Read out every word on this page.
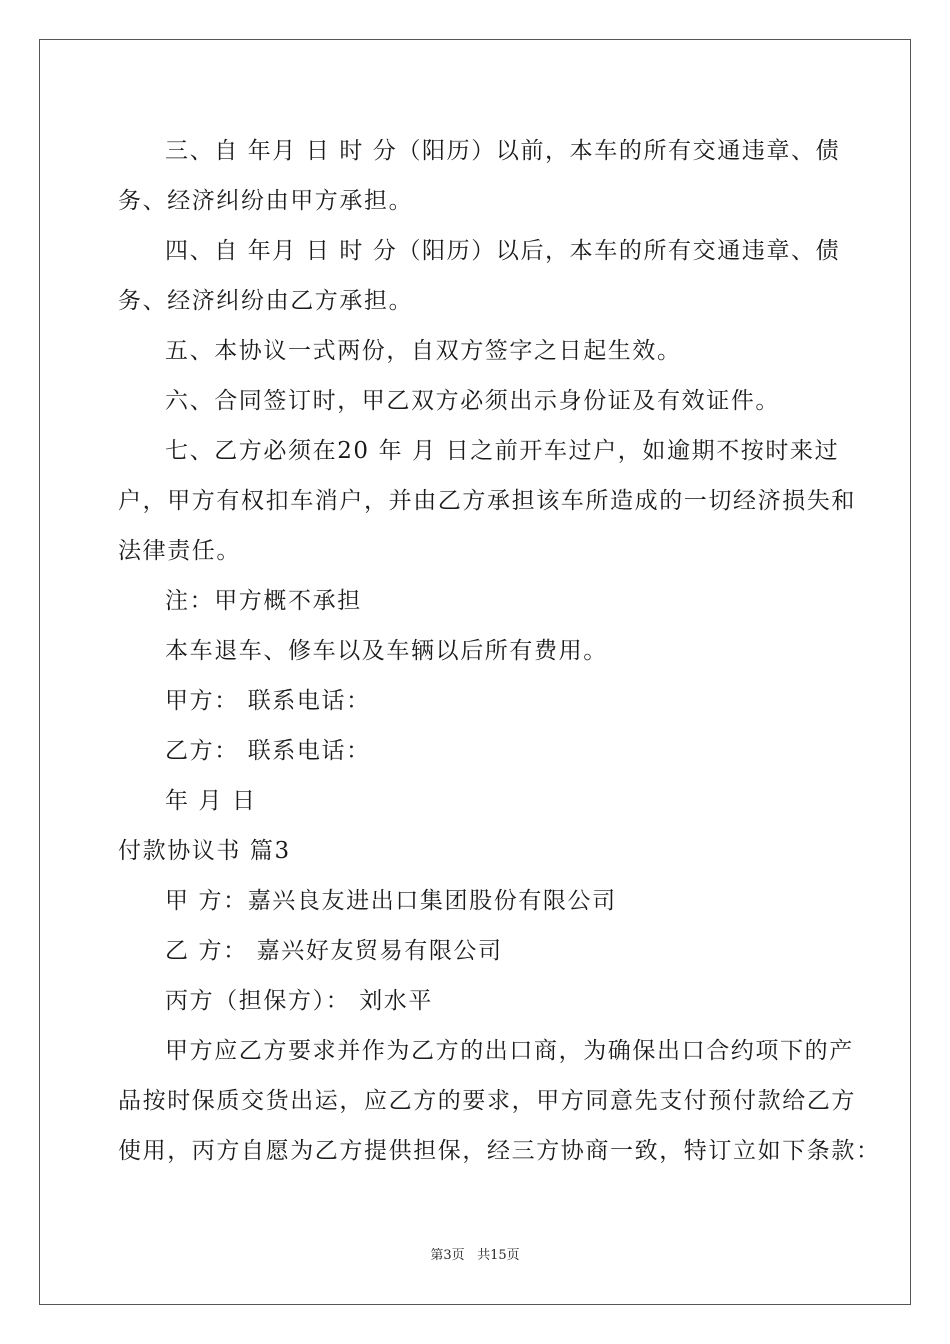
三、自 年月 日 时 分（阳历）以前，本车的所有交通违章、债
务、经济纠纷由甲方承担。
四、自 年月 日 时 分（阳历）以后，本车的所有交通违章、债
务、经济纠纷由乙方承担。
五、本协议一式两份，自双方签字之日起生效。
六、合同签订时，甲乙双方必须出示身份证及有效证件。
七、乙方必须在20 年 月 日之前开车过户，如逾期不按时来过
户，甲方有权扣车消户，并由乙方承担该车所造成的一切经济损失和
法律责任。
注：甲方概不承担
本车退车、修车以及车辆以后所有费用。
甲方： 联系电话：
乙方： 联系电话：
年 月 日
付款协议书 篇3
甲 方：嘉兴良友进出口集团股份有限公司
乙 方： 嘉兴好友贸易有限公司
丙方（担保方）： 刘水平
甲方应乙方要求并作为乙方的出口商，为确保出口合约项下的产
品按时保质交货出运，应乙方的要求，甲方同意先支付预付款给乙方
使用，丙方自愿为乙方提供担保，经三方协商一致，特订立如下条款：
第3页 共15页
